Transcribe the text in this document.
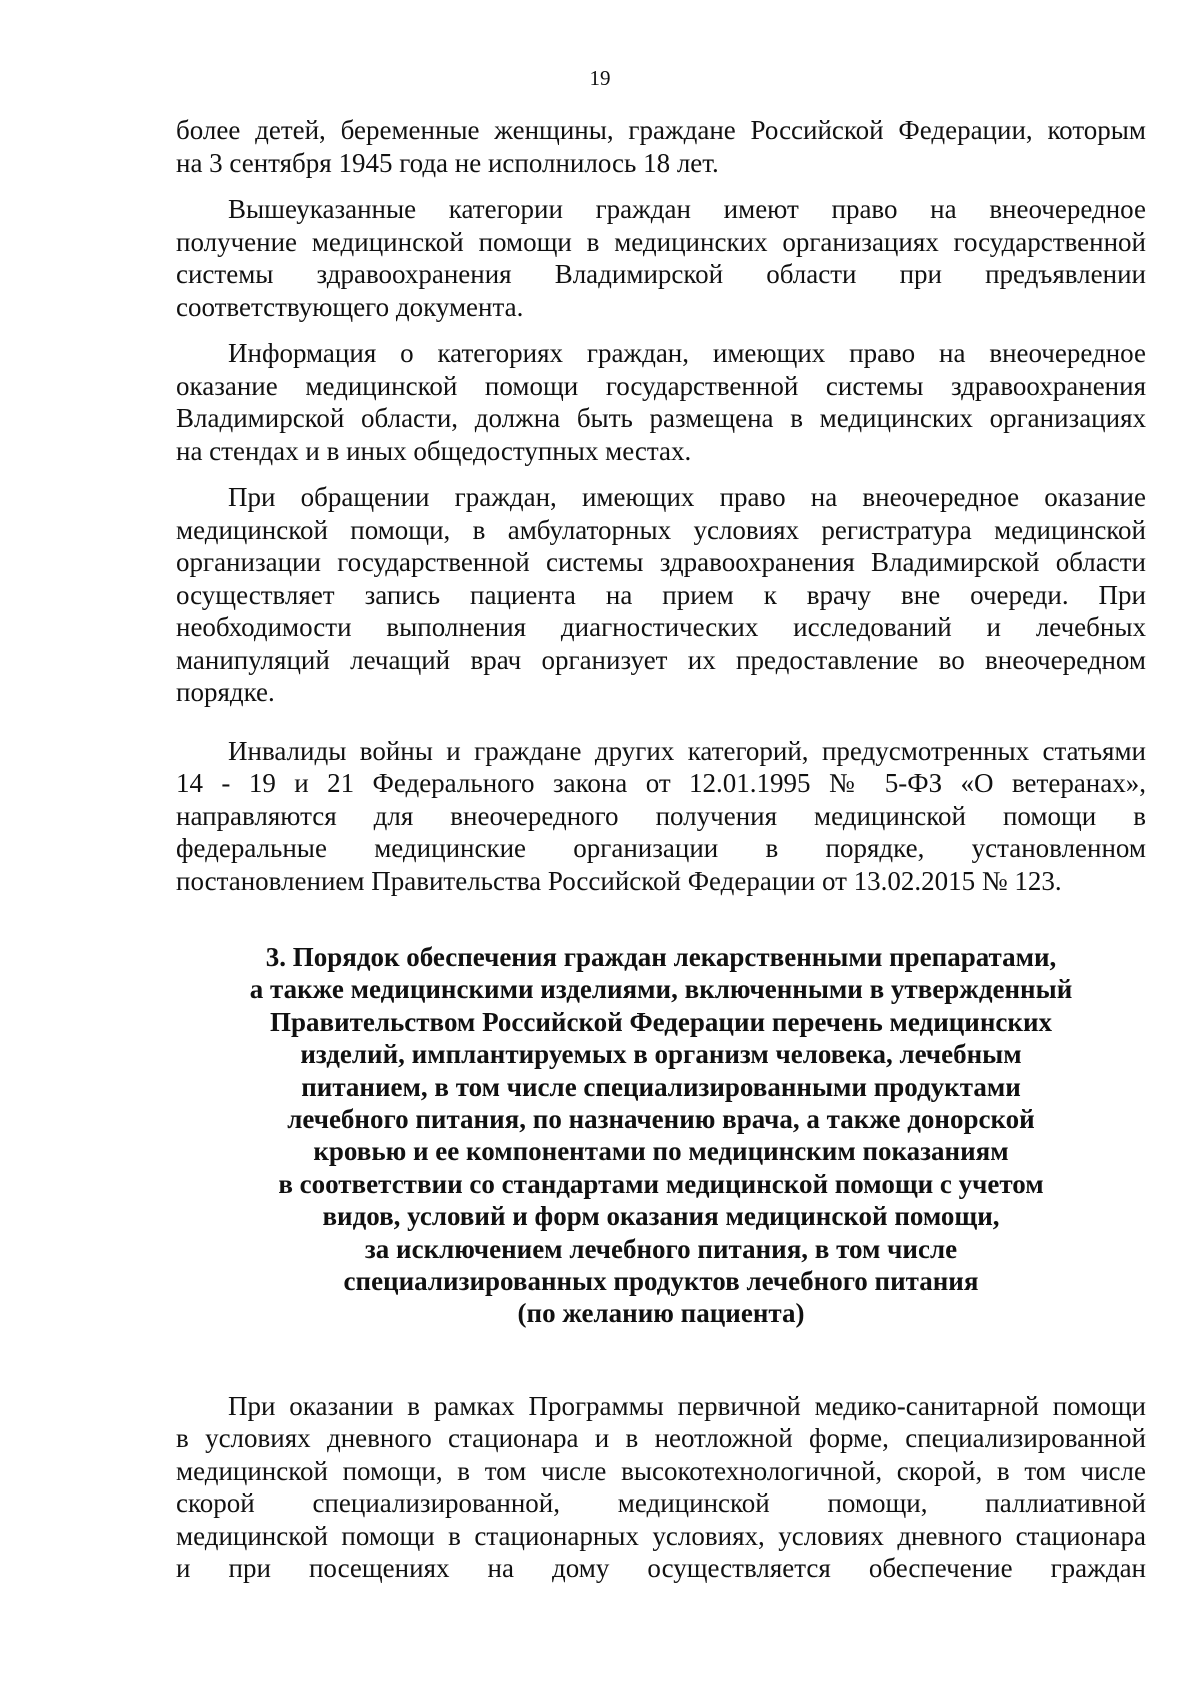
19

более детей, беременные женщины, граждане Российской Федерации, которым
на 3 сентября 1945 года не исполнилось 18 лет.

Вышеуказанные категории граждан имеют право на внеочередное
получение медицинской помощи в медицинских организациях государственной
системы здравоохранения Владимирской области при предъявлении
соответствующего документа.

Информация о категориях граждан, имеющих право на внеочередное
оказание медицинской помощи государственной системы здравоохранения
Владимирской области, должна быть размещена в медицинских организациях
на стендах и в иных общедоступных местах.

При обращении граждан, имеющих право на внеочередное оказание
медицинской помощи, в амбулаторных условиях регистратура медицинской
организации государственной системы здравоохранения Владимирской области
осуществляет запись пациента на прием к врачу вне очереди. При
необходимости выполнения диагностических исследований и лечебных
манипуляций лечащий врач организует их предоставление во внеочередном
порядке.

Инвалиды войны и граждане других категорий, предусмотренных статьями
14 - 19 и 21 Федерального закона от 12.01.1995 № 5-ФЗ «О ветеранах»,
направляются для внеочередного получения медицинской помощи в
федеральные медицинские организации в порядке, установленном
постановлением Правительства Российской Федерации от 13.02.2015 № 123.

3. Порядок обеспечения граждан лекарственными препаратами,
а также медицинскими изделиями, включенными в утвержденный
Правительством Российской Федерации перечень медицинских
изделий, имплантируемых в организм человека, лечебным
питанием, в том числе специализированными продуктами
лечебного питания, по назначению врача, а также донорской
кровью и ее компонентами по медицинским показаниям
в соответствии со стандартами медицинской помощи с учетом
видов, условий и форм оказания медицинской помощи,
за исключением лечебного питания, в том числе
специализированных продуктов лечебного питания
(по желанию пациента)

При оказании в рамках Программы первичной медико-санитарной помощи
в условиях дневного стационара и в неотложной форме, специализированной
медицинской помощи, в том числе высокотехнологичной, скорой, в том числе
скорой специализированной, медицинской помощи, паллиативной
медицинской помощи в стационарных условиях, условиях дневного стационара
и при посещениях на дому осуществляется обеспечение граждан
